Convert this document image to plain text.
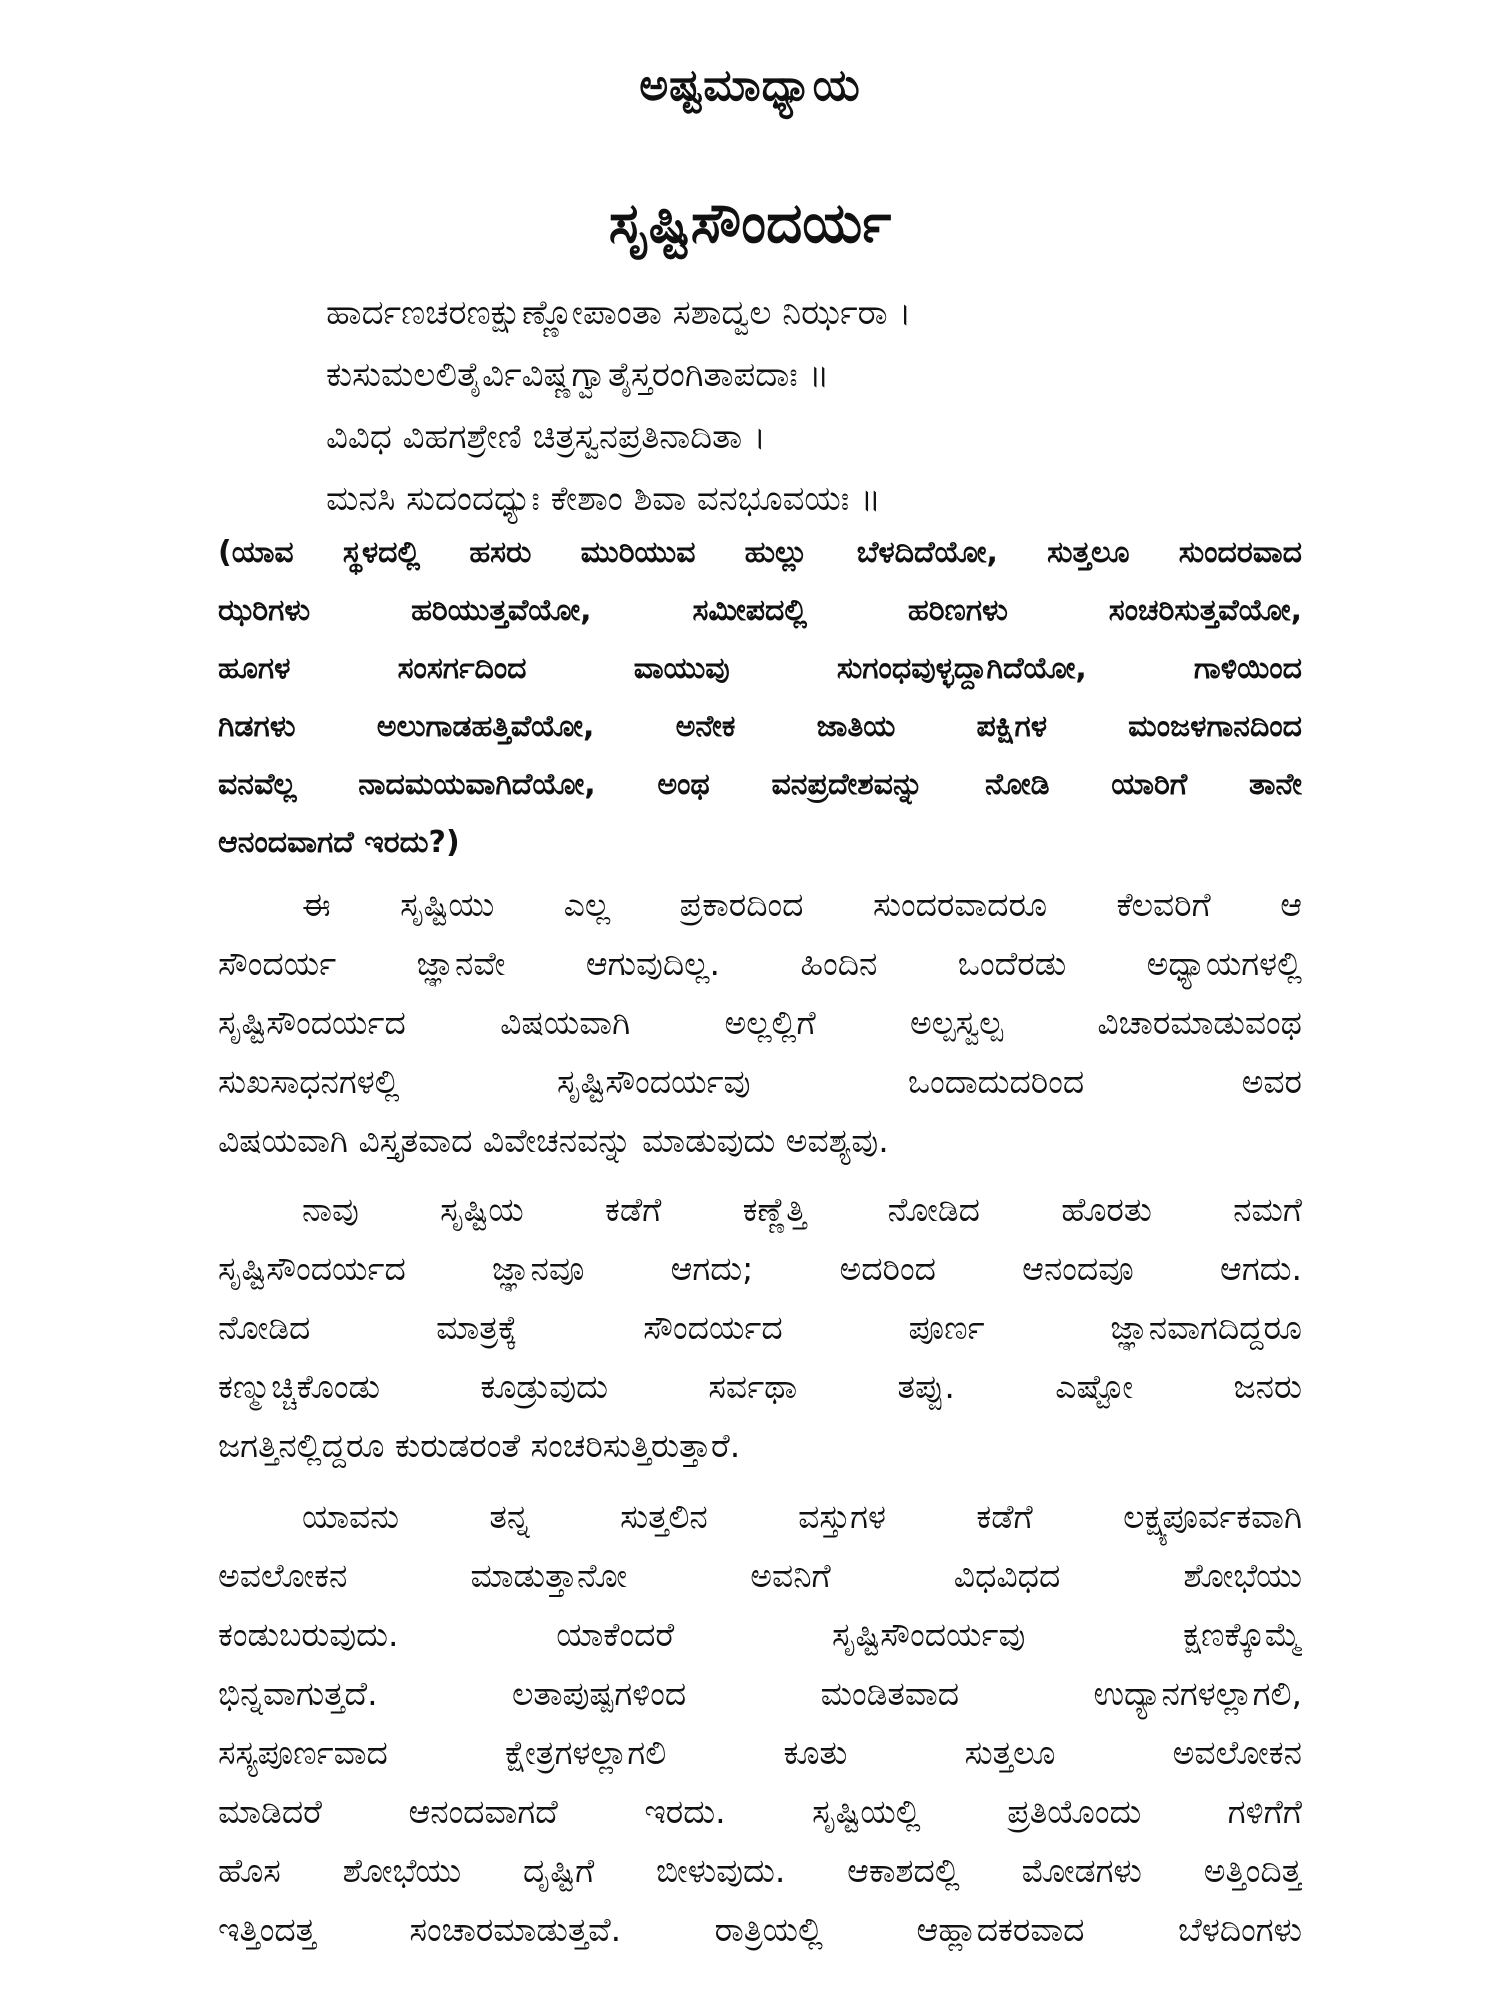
ಅಷ್ಟಮಾಧ್ಯಾಯ
ಸೃಷ್ಟಿಸೌಂದರ್ಯ
ಹಾರ್ದಣಚರಣಕ್ಷುಣ್ಣೋಪಾಂತಾ ಸಶಾದ್ವಲ ನಿರ್ಝರಾ ।
ಕುಸುಮಲಲಿತೈರ್ವಿವಿಷ್ಣಗ್ವಾತೈಸ್ತರಂಗಿತಾಪದಾಃ ॥
ವಿವಿಧ ವಿಹಗಶ್ರೇಣಿ ಚಿತ್ರಸ್ವನಪ್ರತಿನಾದಿತಾ ।
ಮನಸಿ ಸುದಂದಧ್ಯುಃ ಕೇಶಾಂ ಶಿವಾ ವನಭೂವಯಃ ॥
(ಯಾವ ಸ್ಥಳದಲ್ಲಿ ಹಸರು ಮುರಿಯುವ ಹುಲ್ಲು ಬೆಳದಿದೆಯೋ, ಸುತ್ತಲೂ ಸುಂದರವಾದ
ಝರಿಗಳು ಹರಿಯುತ್ತವೆಯೋ, ಸಮೀಪದಲ್ಲಿ ಹರಿಣಗಳು ಸಂಚರಿಸುತ್ತವೆಯೋ,
ಹೂಗಳ ಸಂಸರ್ಗದಿಂದ ವಾಯುವು ಸುಗಂಧವುಳ್ಳದ್ದಾಗಿದೆಯೋ, ಗಾಳಿಯಿಂದ
ಗಿಡಗಳು ಅಲುಗಾಡಹತ್ತಿವೆಯೋ, ಅನೇಕ ಜಾತಿಯ ಪಕ್ಷಿಗಳ ಮಂಜಳಗಾನದಿಂದ
ವನವೆಲ್ಲ ನಾದಮಯವಾಗಿದೆಯೋ, ಅಂಥ ವನಪ್ರದೇಶವನ್ನು ನೋಡಿ ಯಾರಿಗೆ ತಾನೇ
ಆನಂದವಾಗದೆ ಇರದು?)
ಈ ಸೃಷ್ಟಿಯು ಎಲ್ಲ ಪ್ರಕಾರದಿಂದ ಸುಂದರವಾದರೂ ಕೆಲವರಿಗೆ ಆ
ಸೌಂದರ್ಯ ಜ್ಞಾನವೇ ಆಗುವುದಿಲ್ಲ. ಹಿಂದಿನ ಒಂದೆರಡು ಅಧ್ಯಾಯಗಳಲ್ಲಿ
ಸೃಷ್ಟಿಸೌಂದರ್ಯದ ವಿಷಯವಾಗಿ ಅಲ್ಲಲ್ಲಿಗೆ ಅಲ್ಪಸ್ವಲ್ಪ ವಿಚಾರಮಾಡುವಂಥ
ಸುಖಸಾಧನಗಳಲ್ಲಿ ಸೃಷ್ಟಿಸೌಂದರ್ಯವು ಒಂದಾದುದರಿಂದ ಅವರ
ವಿಷಯವಾಗಿ ವಿಸ್ತೃತವಾದ ವಿವೇಚನವನ್ನು ಮಾಡುವುದು ಅವಶ್ಯವು.
ನಾವು ಸೃಷ್ಟಿಯ ಕಡೆಗೆ ಕಣ್ಣೆತ್ತಿ ನೋಡಿದ ಹೊರತು ನಮಗೆ
ಸೃಷ್ಟಿಸೌಂದರ್ಯದ ಜ್ಞಾನವೂ ಆಗದು; ಅದರಿಂದ ಆನಂದವೂ ಆಗದು.
ನೋಡಿದ ಮಾತ್ರಕ್ಕೆ ಸೌಂದರ್ಯದ ಪೂರ್ಣ ಜ್ಞಾನವಾಗದಿದ್ದರೂ
ಕಣ್ಮುಚ್ಚಿಕೊಂಡು ಕೂಡ್ರುವುದು ಸರ್ವಥಾ ತಪ್ಪು. ಎಷ್ಟೋ ಜನರು
ಜಗತ್ತಿನಲ್ಲಿದ್ದರೂ ಕುರುಡರಂತೆ ಸಂಚರಿಸುತ್ತಿರುತ್ತಾರೆ.
ಯಾವನು ತನ್ನ ಸುತ್ತಲಿನ ವಸ್ತುಗಳ ಕಡೆಗೆ ಲಕ್ಷ್ಯಪೂರ್ವಕವಾಗಿ
ಅವಲೋಕನ ಮಾಡುತ್ತಾನೋ ಅವನಿಗೆ ವಿಧವಿಧದ ಶೋಭೆಯು
ಕಂಡುಬರುವುದು. ಯಾಕೆಂದರೆ ಸೃಷ್ಟಿಸೌಂದರ್ಯವು ಕ್ಷಣಕ್ಕೊಮ್ಮೆ
ಭಿನ್ನವಾಗುತ್ತದೆ. ಲತಾಪುಷ್ಪಗಳಿಂದ ಮಂಡಿತವಾದ ಉದ್ಯಾನಗಳಲ್ಲಾಗಲಿ,
ಸಸ್ಯಪೂರ್ಣವಾದ ಕ್ಷೇತ್ರಗಳಲ್ಲಾಗಲಿ ಕೂತು ಸುತ್ತಲೂ ಅವಲೋಕನ
ಮಾಡಿದರೆ ಆನಂದವಾಗದೆ ಇರದು. ಸೃಷ್ಟಿಯಲ್ಲಿ ಪ್ರತಿಯೊಂದು ಗಳಿಗೆಗೆ
ಹೊಸ ಶೋಭೆಯು ದೃಷ್ಟಿಗೆ ಬೀಳುವುದು. ಆಕಾಶದಲ್ಲಿ ಮೋಡಗಳು ಅತ್ತಿಂದಿತ್ತ
ಇತ್ತಿಂದತ್ತ ಸಂಚಾರಮಾಡುತ್ತವೆ. ರಾತ್ರಿಯಲ್ಲಿ ಆಹ್ಲಾದಕರವಾದ ಬೆಳದಿಂಗಳು
